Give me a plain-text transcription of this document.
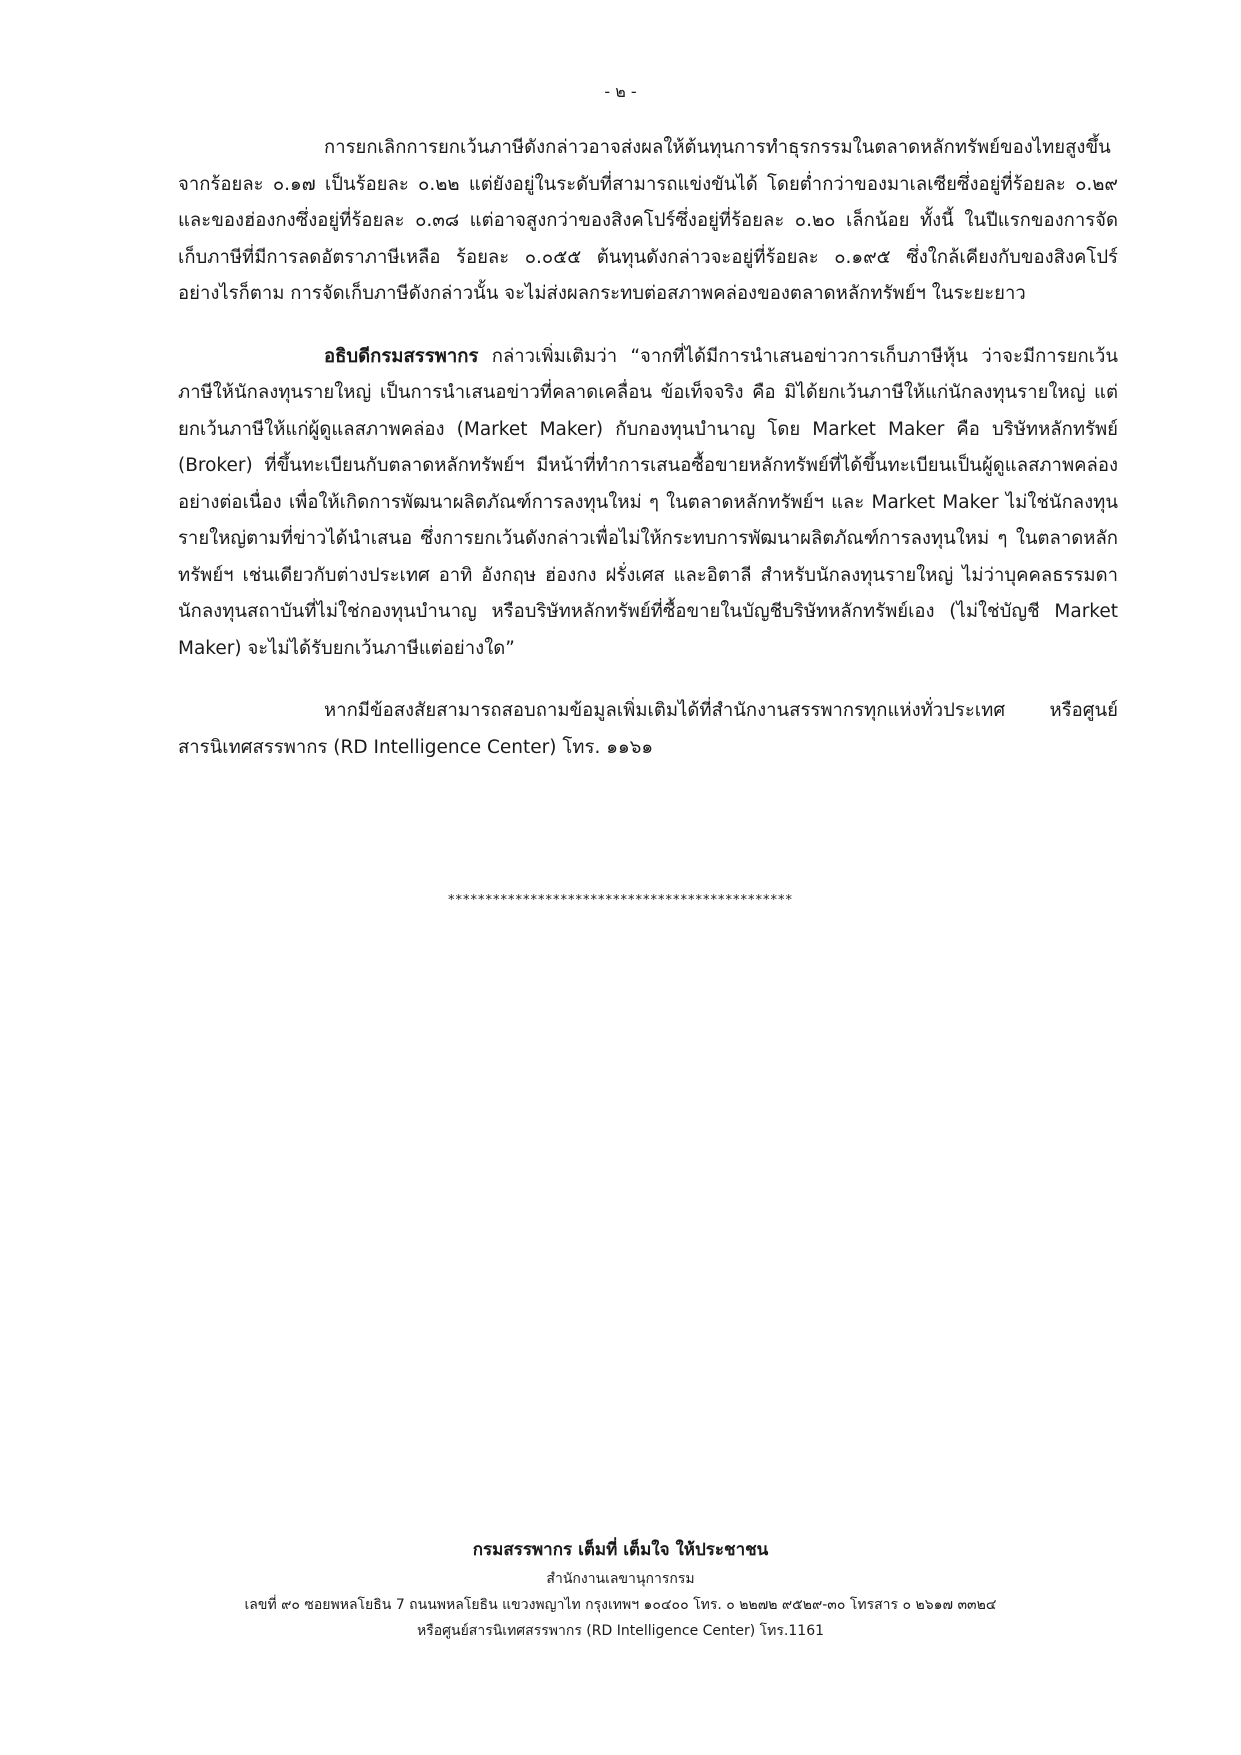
- ๒ -

การยกเลิกการยกเว้นภาษีดังกล่าวอาจส่งผลให้ต้นทุนการทำธุรกรรมในตลาดหลักทรัพย์ของไทยสูงขึ้นจากร้อยละ ๐.๑๗ เป็นร้อยละ ๐.๒๒ แต่ยังอยู่ในระดับที่สามารถแข่งขันได้ โดยต่ำกว่าของมาเลเซียซึ่งอยู่ที่ร้อยละ ๐.๒๙ และของฮ่องกงซึ่งอยู่ที่ร้อยละ ๐.๓๘ แต่อาจสูงกว่าของสิงคโปร์ซึ่งอยู่ที่ร้อยละ ๐.๒๐ เล็กน้อย ทั้งนี้ ในปีแรกของการจัดเก็บภาษีที่มีการลดอัตราภาษีเหลือ ร้อยละ ๐.๐๕๕ ต้นทุนดังกล่าวจะอยู่ที่ร้อยละ ๐.๑๙๕ ซึ่งใกล้เคียงกับของสิงคโปร์ อย่างไรก็ตาม การจัดเก็บภาษีดังกล่าวนั้น จะไม่ส่งผลกระทบต่อสภาพคล่องของตลาดหลักทรัพย์ฯ ในระยะยาว

อธิบดีกรมสรรพากร กล่าวเพิ่มเติมว่า “จากที่ได้มีการนำเสนอข่าวการเก็บภาษีหุ้น ว่าจะมีการยกเว้นภาษีให้นักลงทุนรายใหญ่ เป็นการนำเสนอข่าวที่คลาดเคลื่อน ข้อเท็จจริง คือ มิได้ยกเว้นภาษีให้แก่นักลงทุนรายใหญ่ แต่ยกเว้นภาษีให้แก่ผู้ดูแลสภาพคล่อง (Market Maker) กับกองทุนบำนาญ โดย Market Maker คือ บริษัทหลักทรัพย์ (Broker) ที่ขึ้นทะเบียนกับตลาดหลักทรัพย์ฯ มีหน้าที่ทำการเสนอซื้อขายหลักทรัพย์ที่ได้ขึ้นทะเบียนเป็นผู้ดูแลสภาพคล่องอย่างต่อเนื่อง เพื่อให้เกิดการพัฒนาผลิตภัณฑ์การลงทุนใหม่ ๆ ในตลาดหลักทรัพย์ฯ และ Market Maker ไม่ใช่นักลงทุนรายใหญ่ตามที่ข่าวได้นำเสนอ ซึ่งการยกเว้นดังกล่าวเพื่อไม่ให้กระทบการพัฒนาผลิตภัณฑ์การลงทุนใหม่ ๆ ในตลาดหลักทรัพย์ฯ เช่นเดียวกับต่างประเทศ อาทิ อังกฤษ ฮ่องกง ฝรั่งเศส และอิตาลี สำหรับนักลงทุนรายใหญ่ ไม่ว่าบุคคลธรรมดา นักลงทุนสถาบันที่ไม่ใช่กองทุนบำนาญ หรือบริษัทหลักทรัพย์ที่ซื้อขายในบัญชีบริษัทหลักทรัพย์เอง (ไม่ใช่บัญชี Market Maker) จะไม่ได้รับยกเว้นภาษีแต่อย่างใด”

หากมีข้อสงสัยสามารถสอบถามข้อมูลเพิ่มเติมได้ที่สำนักงานสรรพากรทุกแห่งทั่วประเทศ หรือศูนย์สารนิเทศสรรพากร (RD Intelligence Center) โทร. ๑๑๖๑

**********************************************
กรมสรรพากร เต็มที่ เต็มใจ ให้ประชาชน
สำนักงานเลขานุการกรม
เลขที่ ๙๐ ซอยพหลโยธิน 7 ถนนพหลโยธิน แขวงพญาไท กรุงเทพฯ ๑๐๔๐๐ โทร. ๐ ๒๒๗๒ ๙๕๒๙-๓๐ โทรสาร ๐ ๒๖๑๗ ๓๓๒๔
หรือศูนย์สารนิเทศสรรพากร (RD Intelligence Center) โทร.1161
